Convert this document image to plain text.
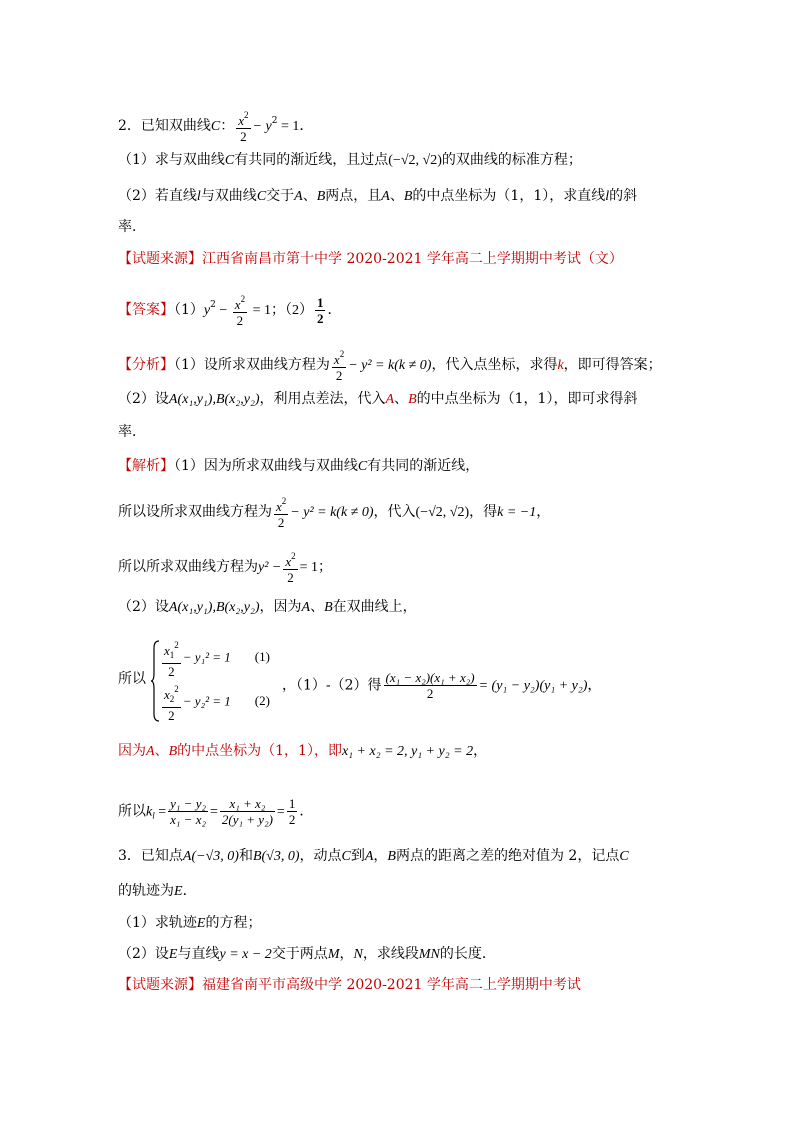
2．已知双曲线C： $\frac{x^2}{2} - y^2 = 1$．
（1）求与双曲线C有共同的渐近线，且过点(−√2, √2)的双曲线的标准方程；
（2）若直线l与双曲线C交于A、B两点，且A、B的中点坐标为（1，1），求直线l的斜
率．
【试题来源】江西省南昌市第十中学 2020-2021 学年高二上学期期中考试（文）
【答案】$(1)y^2 - \frac{x^2}{2} = 1$；$(2) \frac{1}{2}$ ．
【分析】（1）设所求双曲线方程为 $\frac{x^2}{2} - y^2 = k(k \ne 0)$，代入点坐标，求得k，即可得答案；
（2）设A(x₁,y₁),B(x₂,y₂)，利用点差法，代入A、B的中点坐标为（1，1），即可求得斜
率．
【解析】（1）因为所求双曲线与双曲线C有共同的渐近线，
所以设所求双曲线方程为 $\frac{x^2}{2} - y^2 = k(k \ne 0)$，代入(−√2, √2)，得k = −1，
所以所求双曲线方程为$y^2 - \frac{x^2}{2} = 1$；
（2）设A(x₁,y₁),B(x₂,y₂)，因为A、B在双曲线上，
所以 $\frac{x_1^2}{2} - y_1^2 = 1$ (1)
$\frac{x_2^2}{2} - y_2^2 = 1$ (2)
，（1）-（2）得 $\frac{\text{(x₁ − x₂)(x₁ + x₂)}}{2} = (y_1 - y_2)(y_1 + y_2)$，
因为A、B的中点坐标为（1，1），即x₁ + x₂ = 2, y₁ + y₂ = 2，
所以$k_l = \frac{\text{y₁ − y₂}}{\text{x₁ − x₂}} = \frac{\text{x₁ + x₂}}{\text{2(y₁ + y₂)}} = \frac{1}{2}$ ．
3．已知点A(−√3, 0)和B(√3, 0)，动点C到A，B两点的距离之差的绝对值为 2，记点C
的轨迹为E．
（1）求轨迹E的方程；
（2）设E与直线y = x − 2交于两点M，N，求线段MN的长度．
【试题来源】福建省南平市高级中学 2020-2021 学年高二上学期期中考试
